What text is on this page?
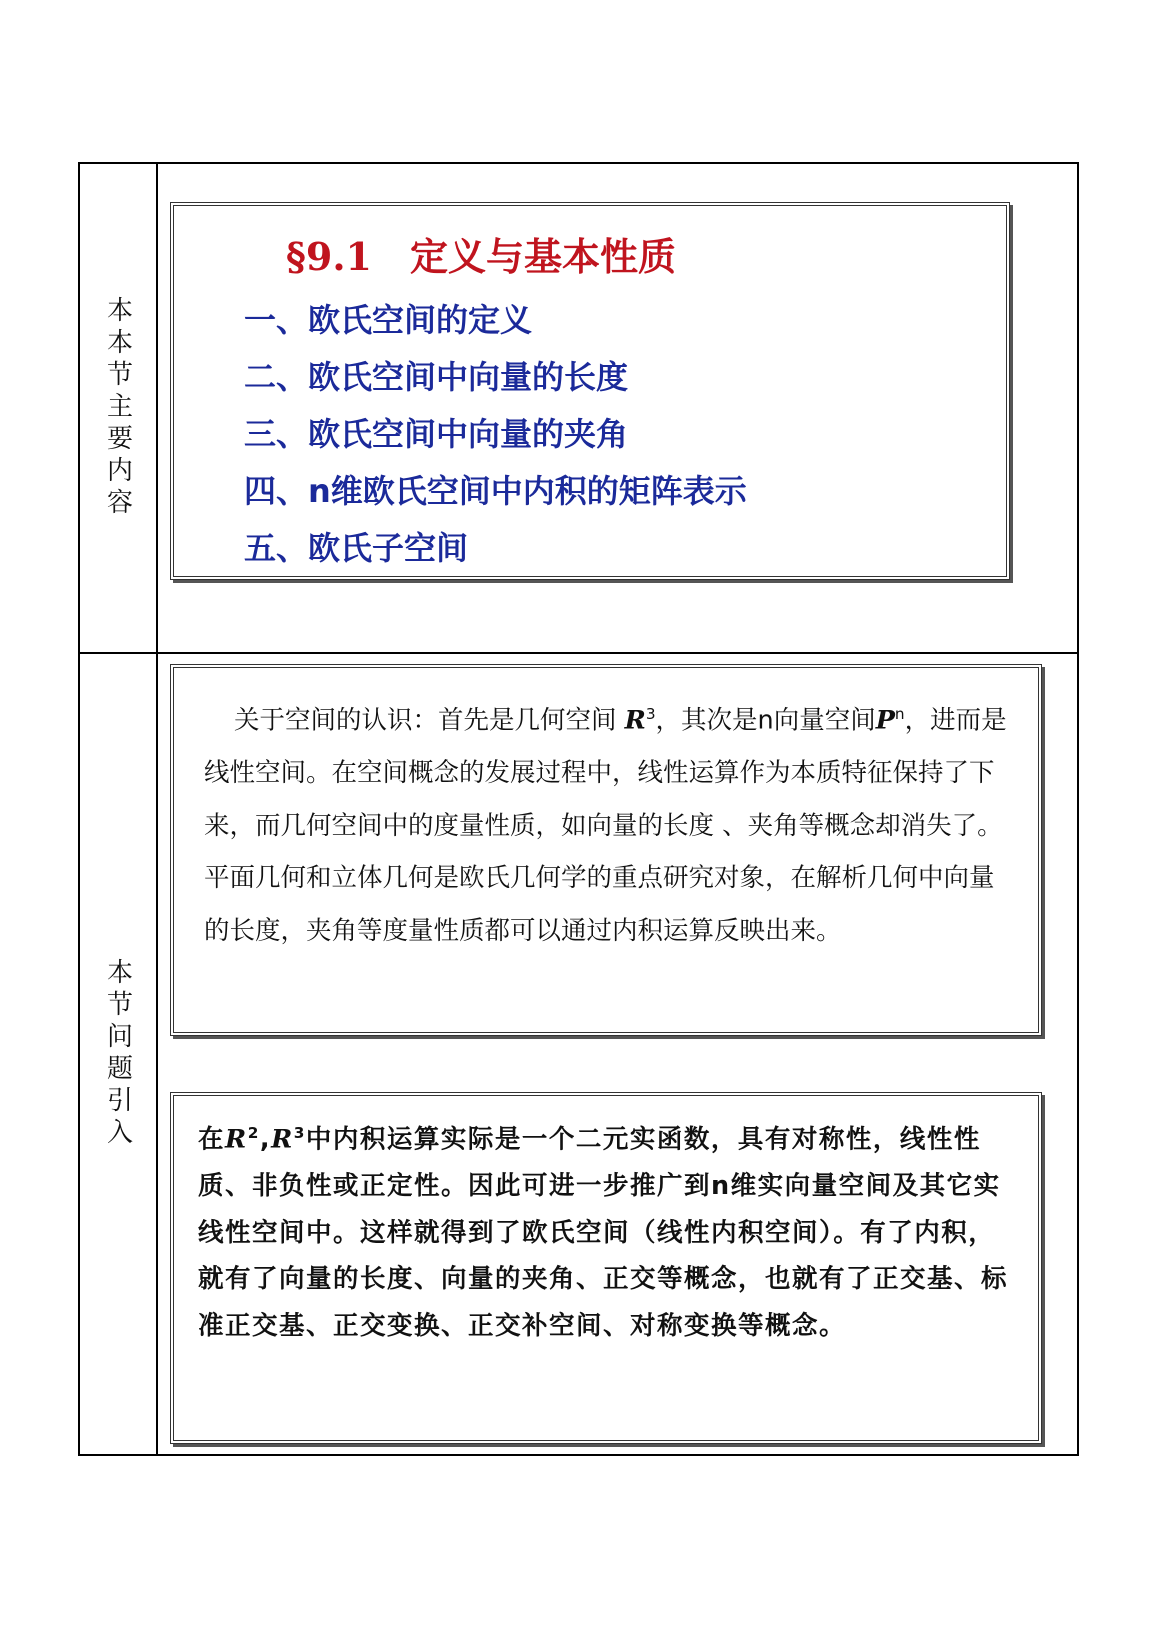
本本节主要内容
§9.1　定义与基本性质
一、欧氏空间的定义
二、欧氏空间中向量的长度
三、欧氏空间中向量的夹角
四、n维欧氏空间中内积的矩阵表示
五、欧氏子空间
本节问题引入
关于空间的认识：首先是几何空间 $R^3$，其次是n向量空间$P^n$，进而是线性空间。在空间概念的发展过程中，线性运算作为本质特征保持了下来，而几何空间中的度量性质，如向量的长度 、夹角等概念却消失了。平面几何和立体几何是欧氏几何学的重点研究对象，在解析几何中向量的长度，夹角等度量性质都可以通过内积运算反映出来。
在$R^2,R^3$中内积运算实际是一个二元实函数，具有对称性，线性性质、非负性或正定性。因此可进一步推广到n维实向量空间及其它实线性空间中。这样就得到了欧氏空间（线性内积空间）。有了内积，就有了向量的长度、向量的夹角、正交等概念，也就有了正交基、标准正交基、正交变换、正交补空间、对称变换等概念。
